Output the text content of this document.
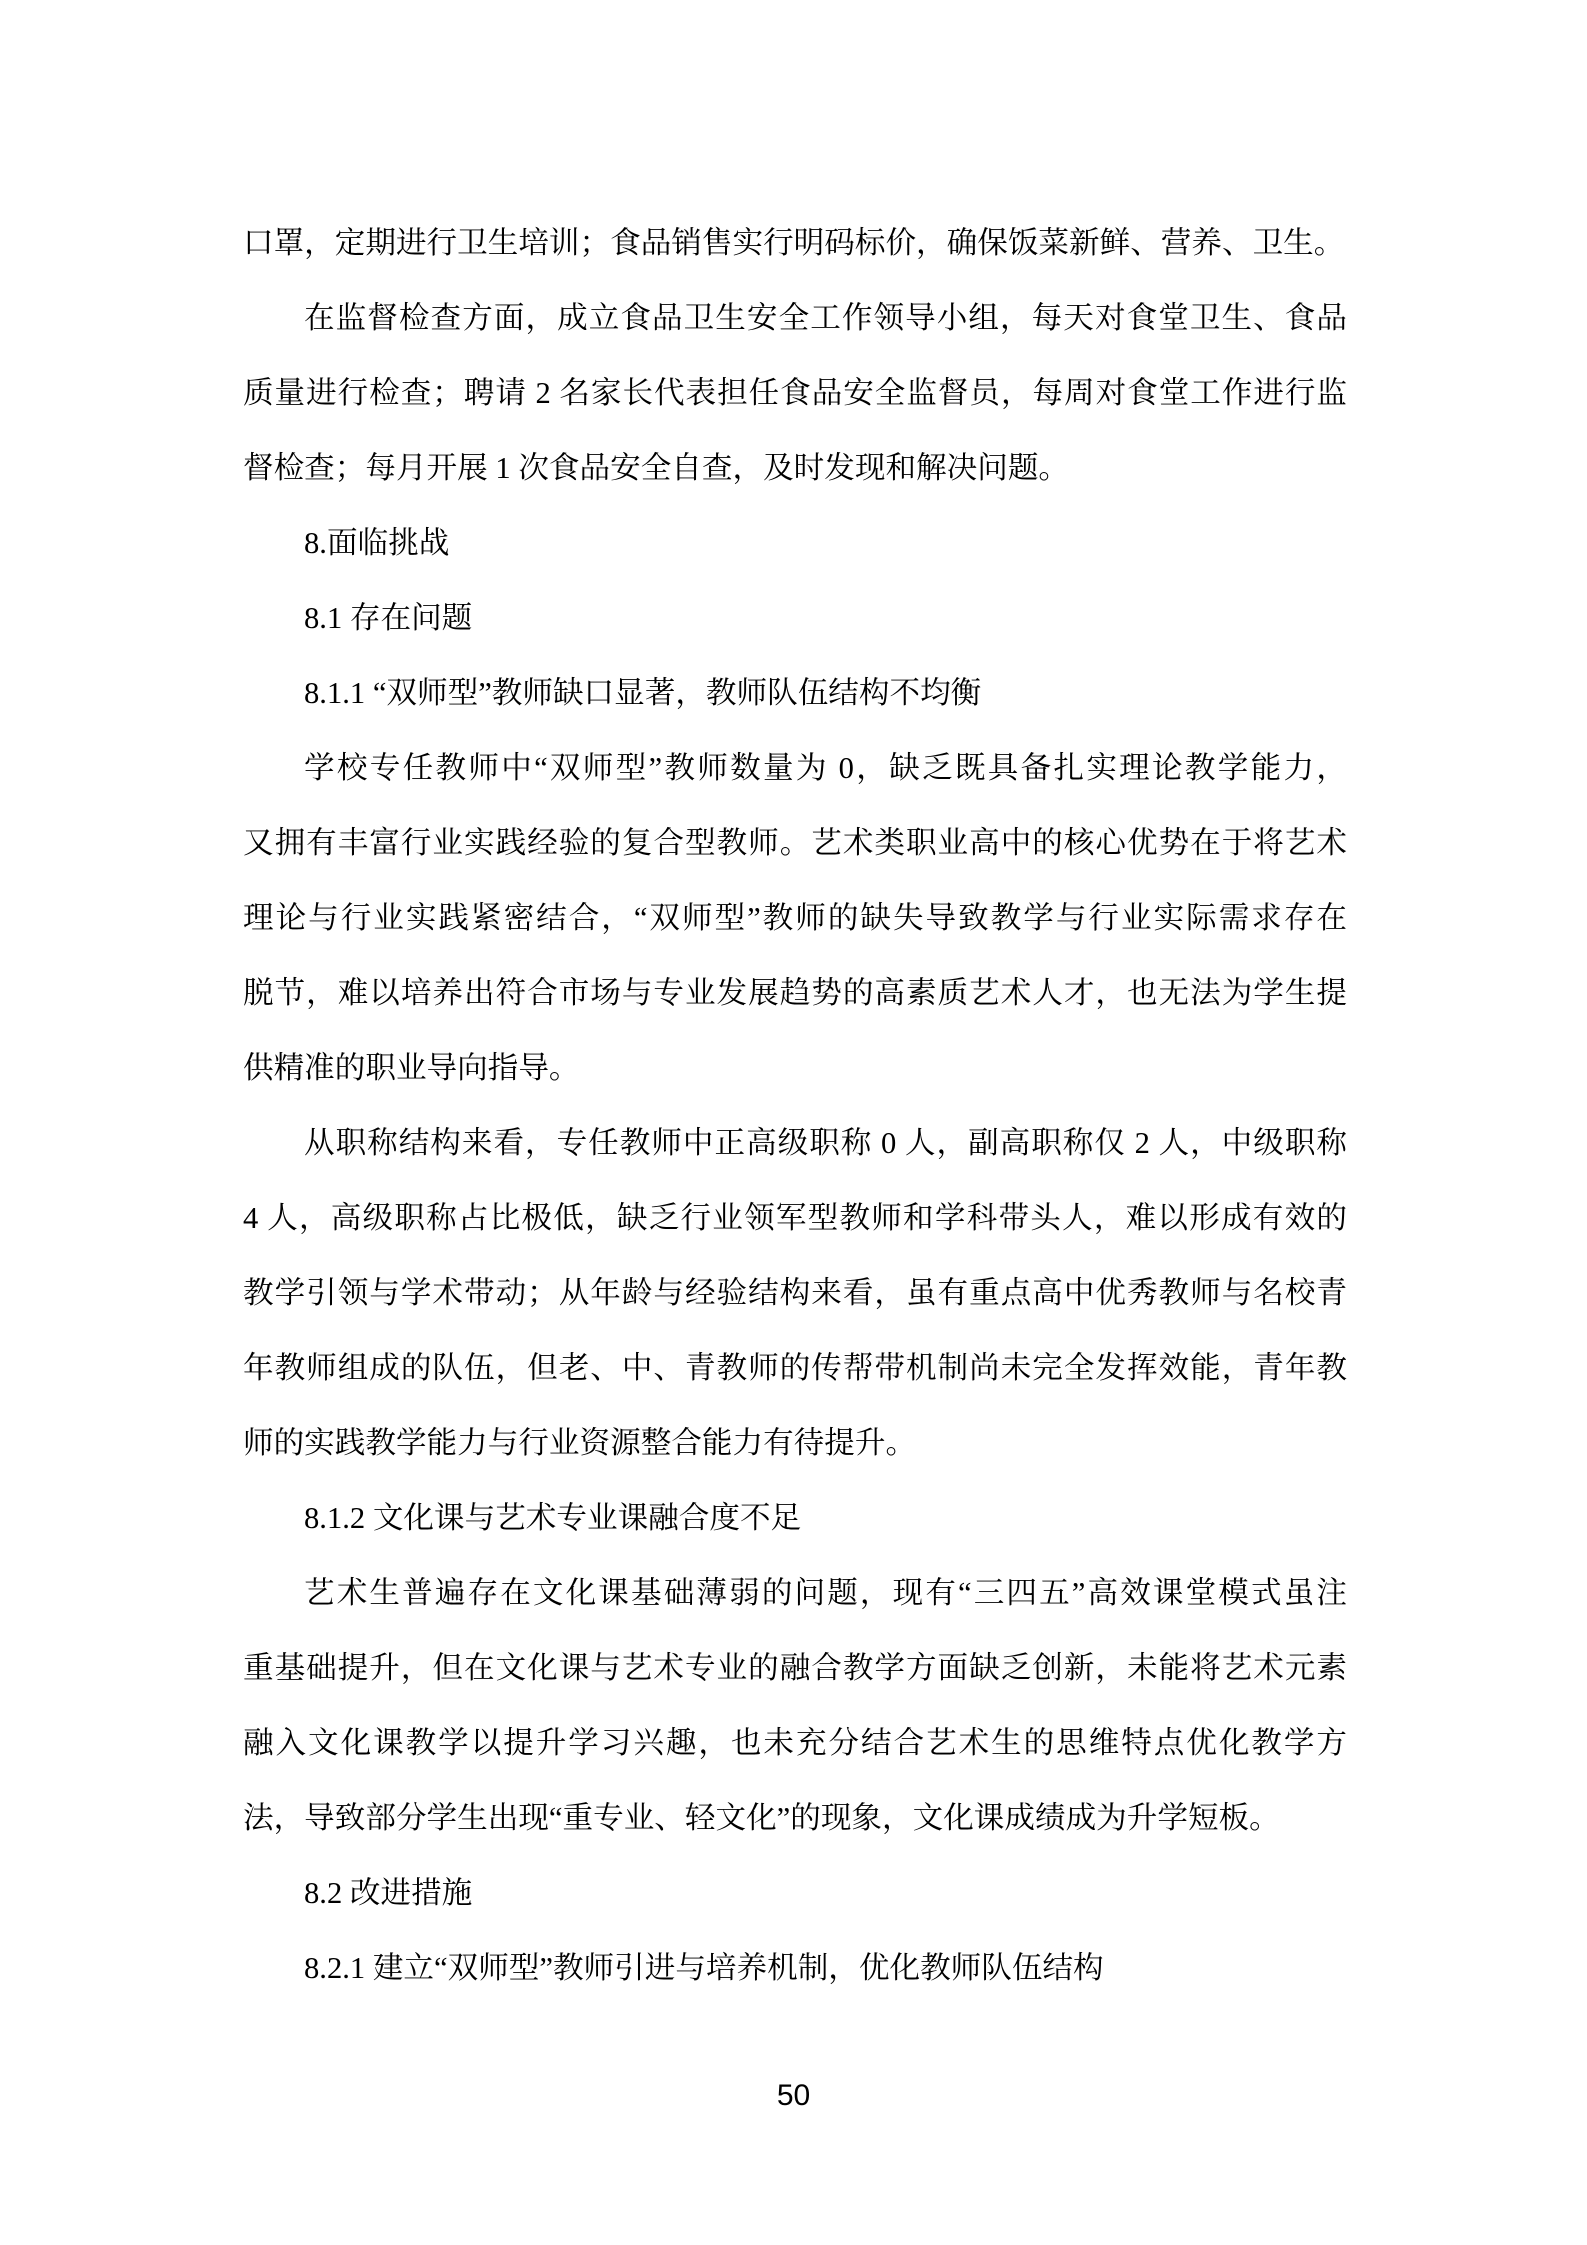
口罩，定期进行卫生培训；食品销售实行明码标价，确保饭菜新鲜、营养、卫生。
在监督检查方面，成立食品卫生安全工作领导小组，每天对食堂卫生、食品
质量进行检查；聘请 2 名家长代表担任食品安全监督员，每周对食堂工作进行监
督检查；每月开展 1 次食品安全自查，及时发现和解决问题。
8.面临挑战
8.1 存在问题
8.1.1 “双师型”教师缺口显著，教师队伍结构不均衡
学校专任教师中“双师型”教师数量为 0，缺乏既具备扎实理论教学能力，
又拥有丰富行业实践经验的复合型教师。艺术类职业高中的核心优势在于将艺术
理论与行业实践紧密结合，“双师型”教师的缺失导致教学与行业实际需求存在
脱节，难以培养出符合市场与专业发展趋势的高素质艺术人才，也无法为学生提
供精准的职业导向指导。
从职称结构来看，专任教师中正高级职称 0 人，副高职称仅 2 人，中级职称
4 人，高级职称占比极低，缺乏行业领军型教师和学科带头人，难以形成有效的
教学引领与学术带动；从年龄与经验结构来看，虽有重点高中优秀教师与名校青
年教师组成的队伍，但老、中、青教师的传帮带机制尚未完全发挥效能，青年教
师的实践教学能力与行业资源整合能力有待提升。
8.1.2 文化课与艺术专业课融合度不足
艺术生普遍存在文化课基础薄弱的问题，现有“三四五”高效课堂模式虽注
重基础提升，但在文化课与艺术专业的融合教学方面缺乏创新，未能将艺术元素
融入文化课教学以提升学习兴趣，也未充分结合艺术生的思维特点优化教学方
法，导致部分学生出现“重专业、轻文化”的现象，文化课成绩成为升学短板。
8.2 改进措施
8.2.1 建立“双师型”教师引进与培养机制，优化教师队伍结构
50
